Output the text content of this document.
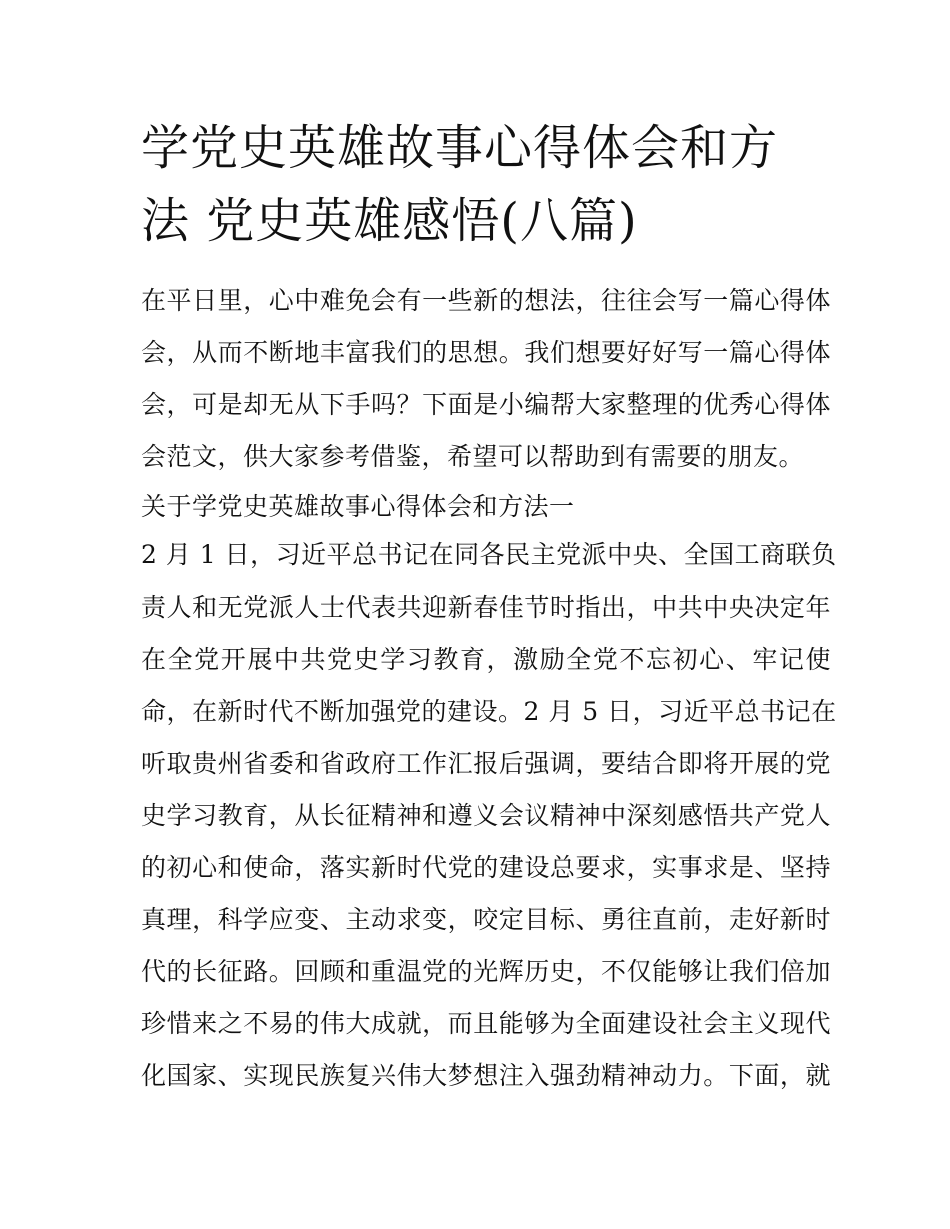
学党史英雄故事心得体会和方
法 党史英雄感悟(八篇)

在平日里，心中难免会有一些新的想法，往往会写一篇心得体

会，从而不断地丰富我们的思想。我们想要好好写一篇心得体

会，可是却无从下手吗？下面是小编帮大家整理的优秀心得体

会范文，供大家参考借鉴，希望可以帮助到有需要的朋友。

关于学党史英雄故事心得体会和方法一

2 月 1 日，习近平总书记在同各民主党派中央、全国工商联负

责人和无党派人士代表共迎新春佳节时指出，中共中央决定年

在全党开展中共党史学习教育，激励全党不忘初心、牢记使

命，在新时代不断加强党的建设。2 月 5 日，习近平总书记在

听取贵州省委和省政府工作汇报后强调，要结合即将开展的党

史学习教育，从长征精神和遵义会议精神中深刻感悟共产党人

的初心和使命，落实新时代党的建设总要求，实事求是、坚持

真理，科学应变、主动求变，咬定目标、勇往直前，走好新时

代的长征路。回顾和重温党的光辉历史，不仅能够让我们倍加

珍惜来之不易的伟大成就，而且能够为全面建设社会主义现代

化国家、实现民族复兴伟大梦想注入强劲精神动力。下面，就
